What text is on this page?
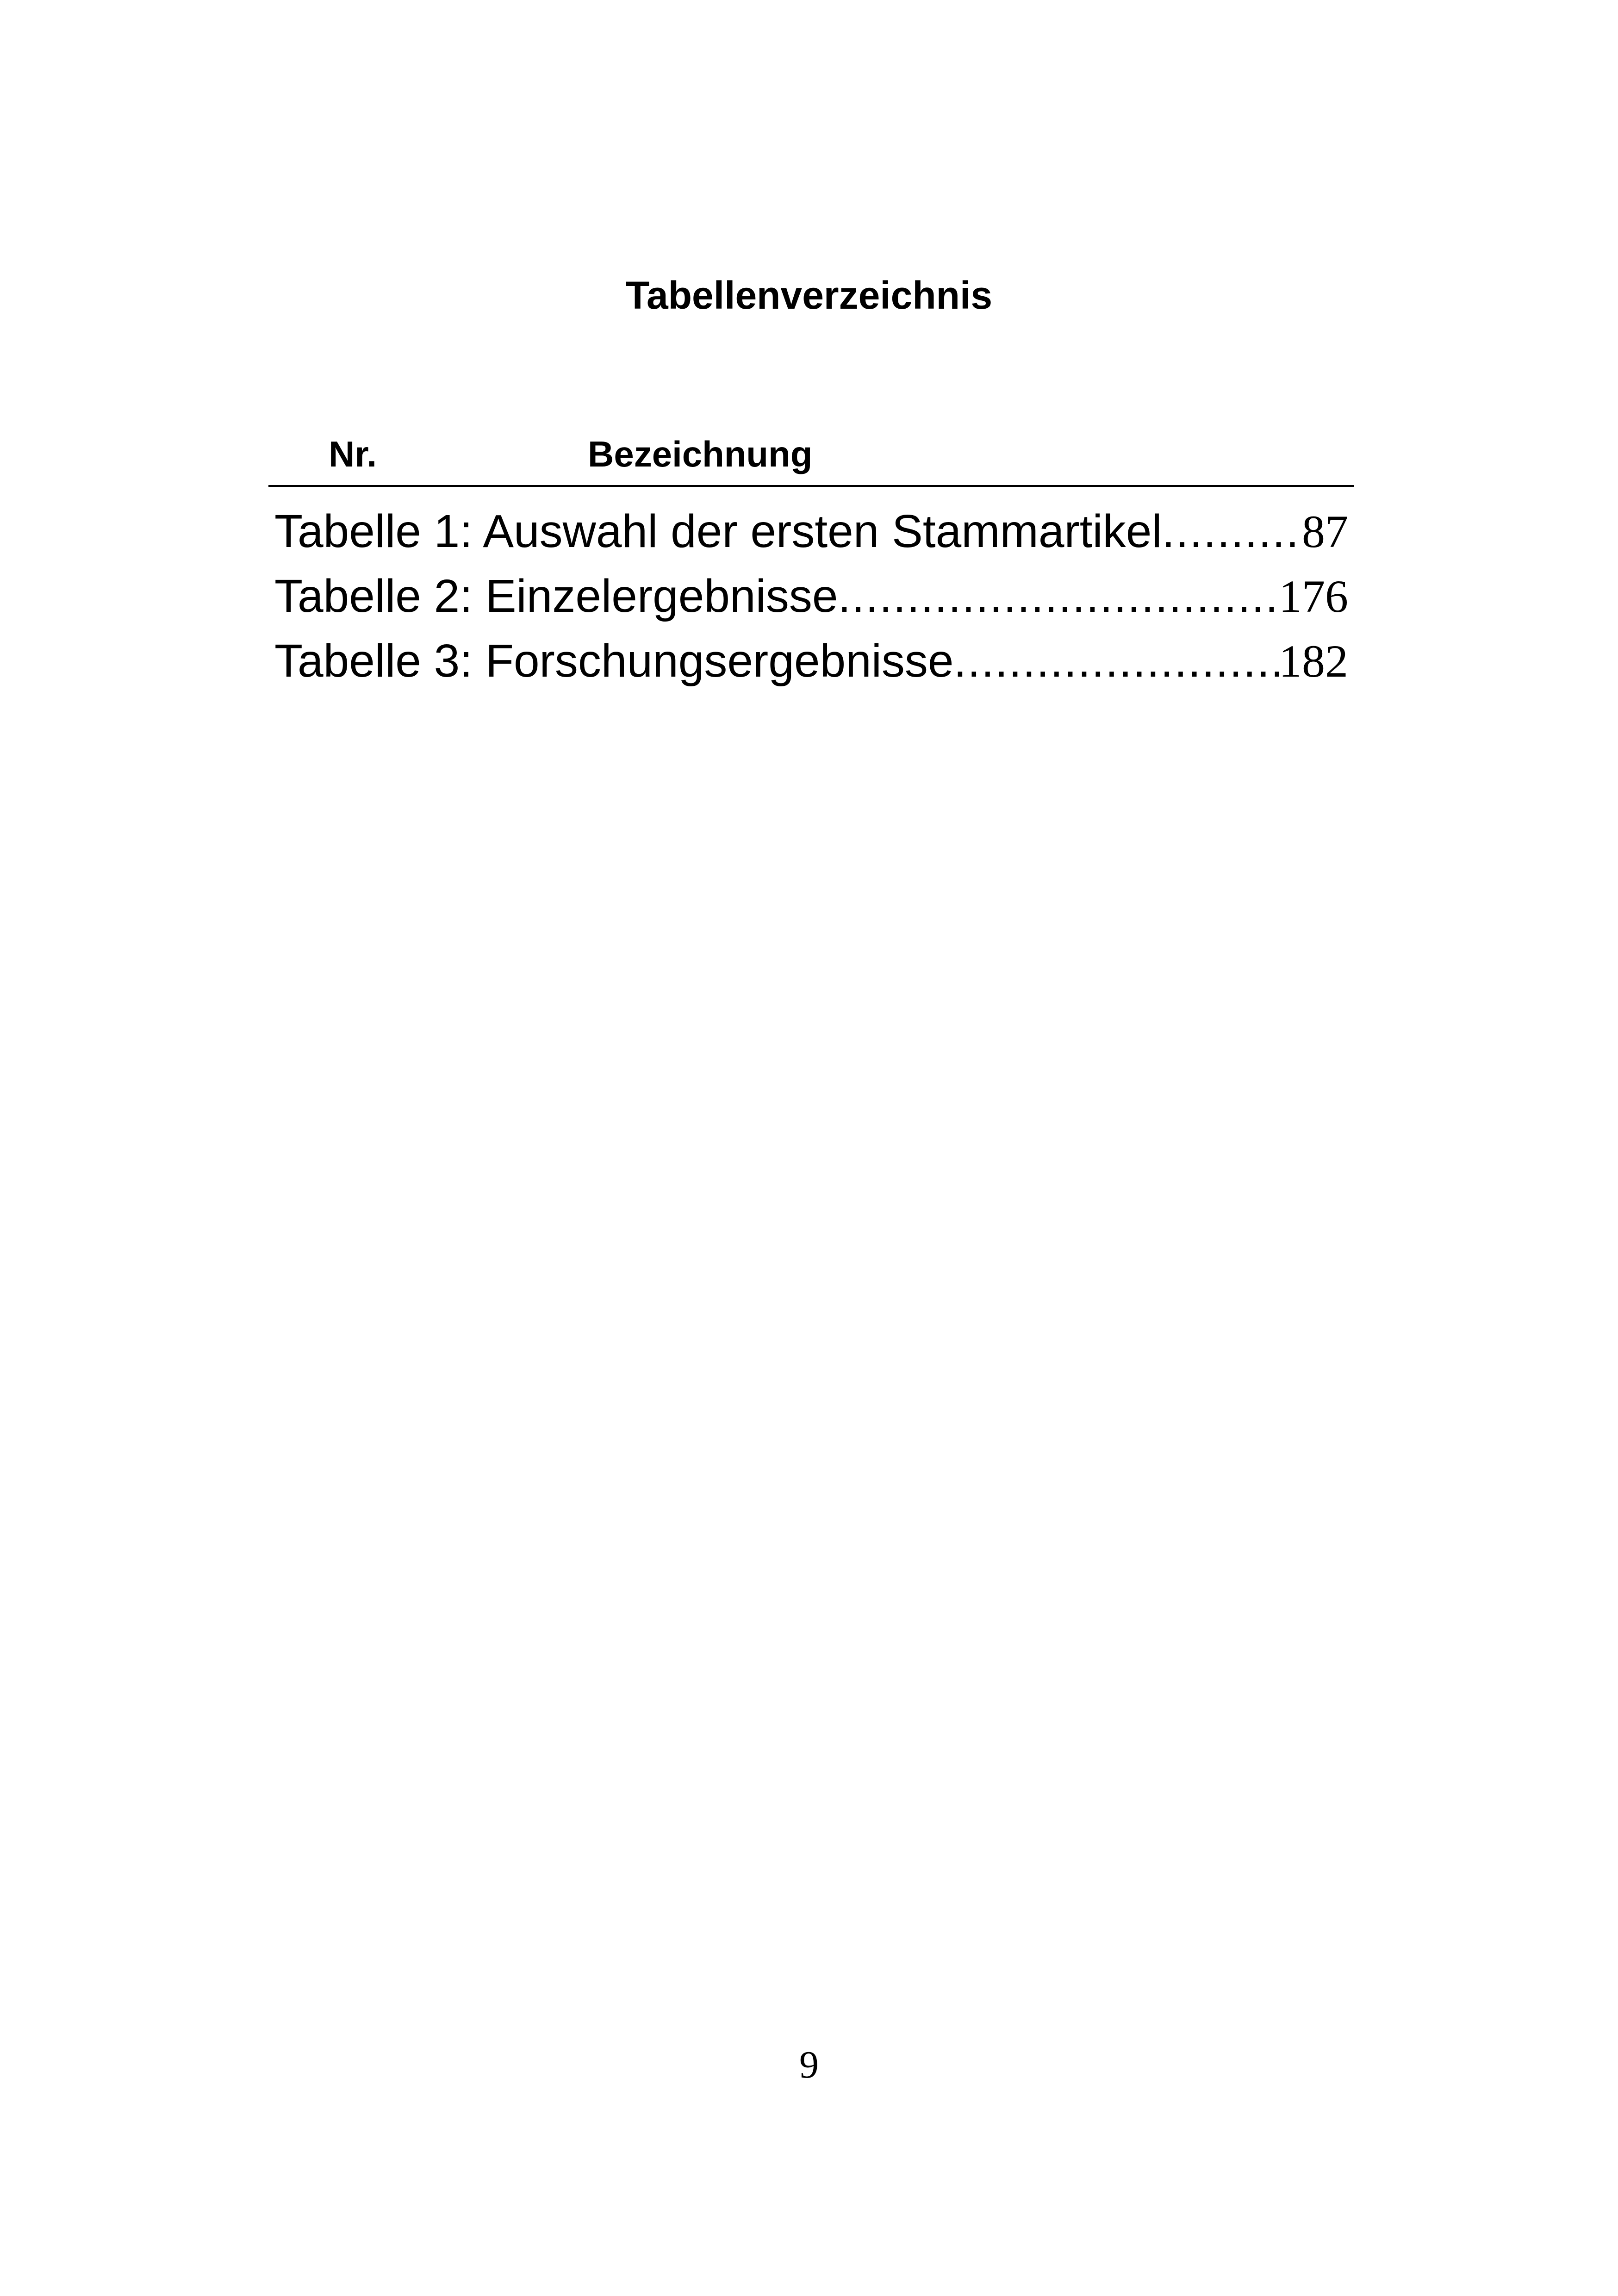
Tabellenverzeichnis
Nr.	Bezeichnung
Tabelle 1: Auswahl der ersten Stammartikel .....	87
Tabelle 2: Einzelergebnisse .....	176
Tabelle 3: Forschungsergebnisse .....	182
9
